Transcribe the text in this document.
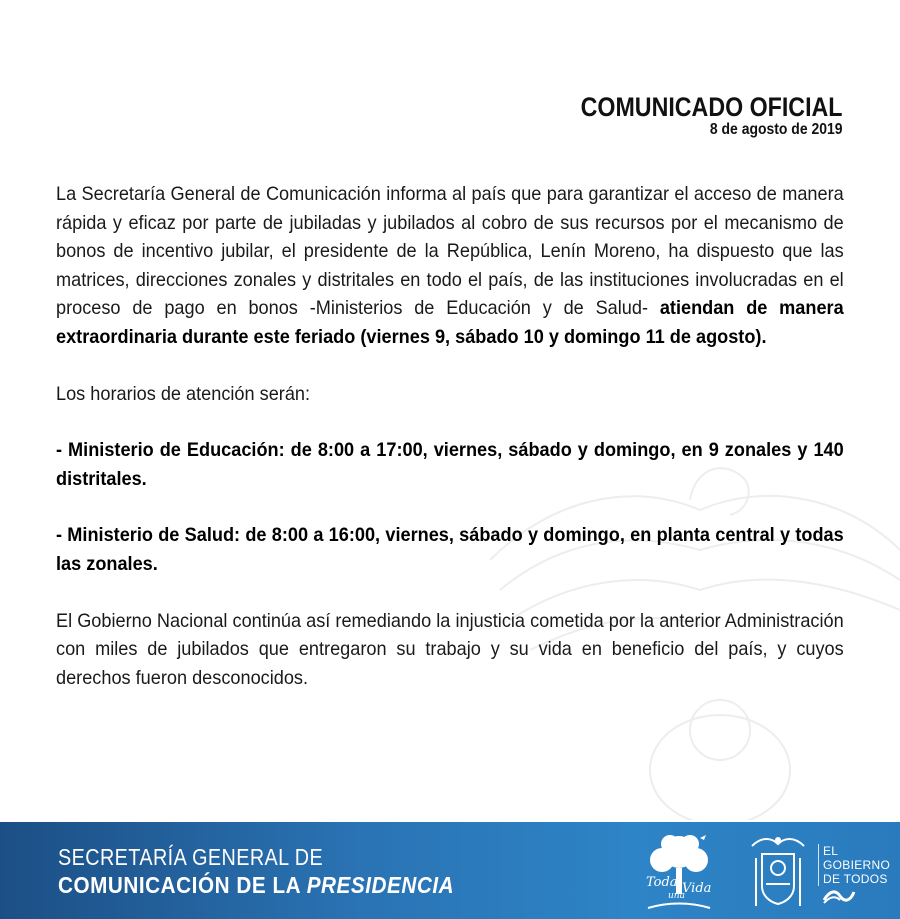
COMUNICADO OFICIAL
8 de agosto de 2019

La Secretaría General de Comunicación informa al país que para garantizar el acceso de manera rápida y eficaz por parte de jubiladas y jubilados al cobro de sus recursos por el mecanismo de bonos de incentivo jubilar, el presidente de la República, Lenín Moreno, ha dispuesto que las matrices, direcciones zonales y distritales en todo el país, de las instituciones involucradas en el proceso de pago en bonos -Ministerios de Educación y de Salud- atiendan de manera extraordinaria durante este feriado (viernes 9, sábado 10 y domingo 11 de agosto).

Los horarios de atención serán:

- Ministerio de Educación: de 8:00 a 17:00, viernes, sábado y domingo, en 9 zonales y 140 distritales.

- Ministerio de Salud: de 8:00 a 16:00, viernes, sábado y domingo, en planta central y todas las zonales.

El Gobierno Nacional continúa así remediando la injusticia cometida por la anterior Administración con miles de jubilados que entregaron su trabajo y su vida en beneficio del país, y cuyos derechos fueron desconocidos.

SECRETARÍA GENERAL DE
COMUNICACIÓN DE LA PRESIDENCIA	Toda
una
Vida
EL
GOBIERNO
DE TODOS
